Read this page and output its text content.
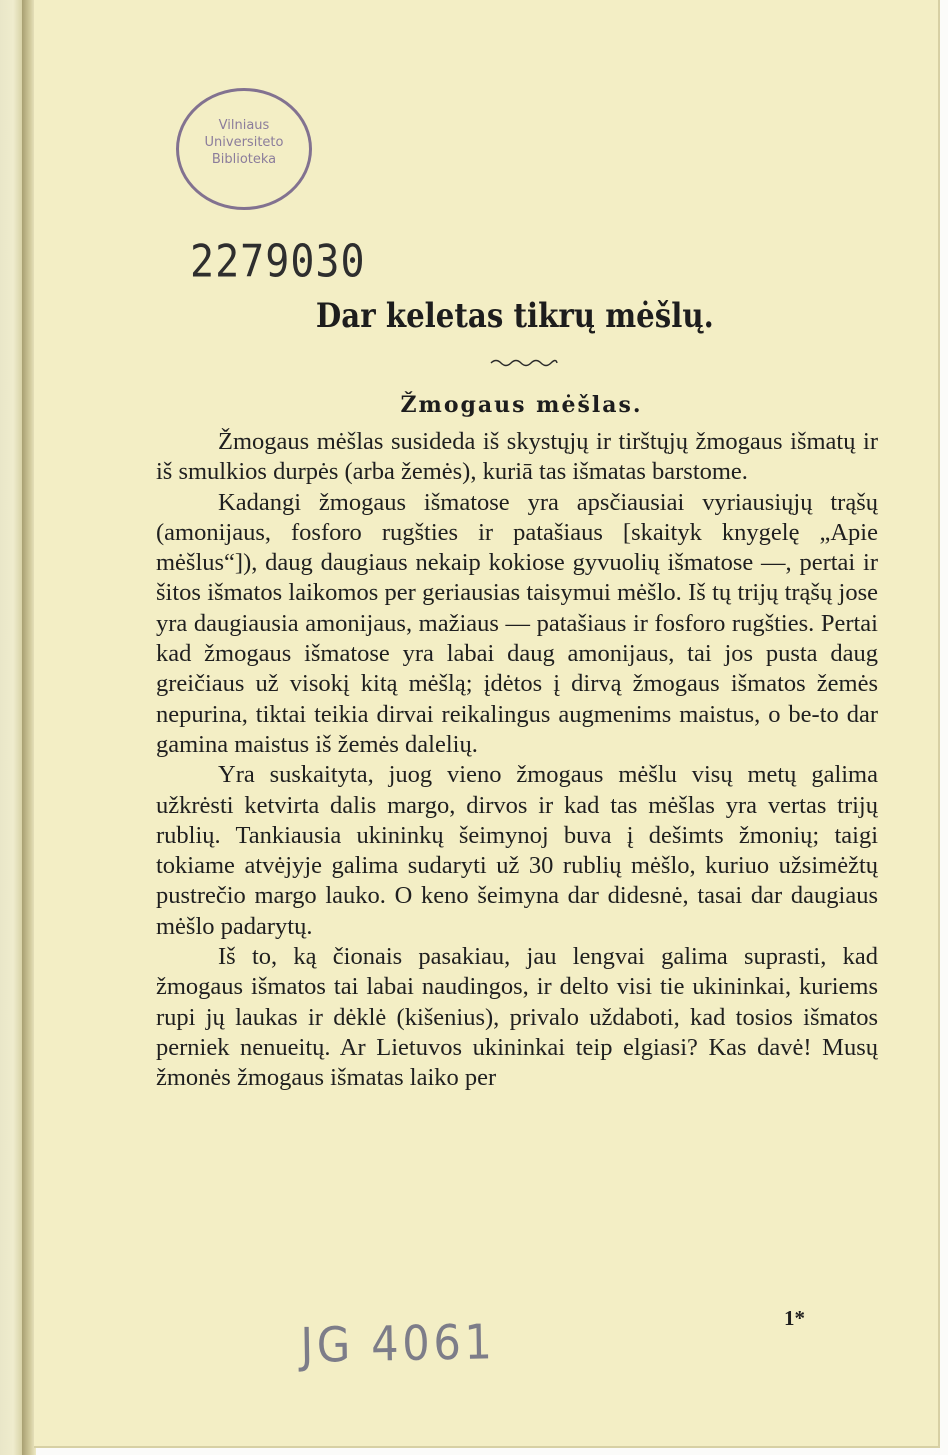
Vilniaus
Universiteto
Biblioteka
2279030
Dar keletas tikrų mėšlų.
Žmogaus mėšlas.

Žmogaus mėšlas susideda iš skystųjų ir tirštųjų žmogaus išmatų ir iš smulkios durpės (arba žemės), kuriā tas išmatas barstome.

Kadangi žmogaus išmatose yra apsčiausiai vyriausiųjų trąšų (amonijaus, fosforo rugšties ir patašiaus [skaityk knygelę „Apie mėšlus“]), daug daugiaus nekaip kokiose gyvuolių išmatose —, pertai ir šitos išmatos laikomos per geriausias taisymui mėšlo. Iš tų trijų trąšų jose yra daugiausia amonijaus, mažiaus — patašiaus ir fosforo rugšties. Pertai kad žmogaus išmatose yra labai daug amonijaus, tai jos pusta daug greičiaus už visokį kitą mėšlą; įdėtos į dirvą žmogaus išmatos žemės nepurina, tiktai teikia dirvai reikalingus augmenims maistus, o be-to dar gamina maistus iš žemės dalelių.

Yra suskaityta, juog vieno žmogaus mėšlu visų metų galima užkrėsti ketvirta dalis margo, dirvos ir kad tas mėšlas yra vertas trijų rublių. Tankiausia ukininkų šeimynoj buva į dešimts žmonių; taigi tokiame atvėjyje galima sudaryti už 30 rublių mėšlo, kuriuo užsimėžtų pustrečio margo lauko. O keno šeimyna dar didesnė, tasai dar daugiaus mėšlo padarytų.

Iš to, ką čionais pasakiau, jau lengvai galima suprasti, kad žmogaus išmatos tai labai naudingos, ir delto visi tie ukininkai, kuriems rupi jų laukas ir dėklė (kišenius), privalo uždaboti, kad tosios išmatos perniek nenueitų. Ar Lietuvos ukininkai teip elgiasi? Kas davė! Musų žmonės žmogaus išmatas laiko per

1*
JG 4061
